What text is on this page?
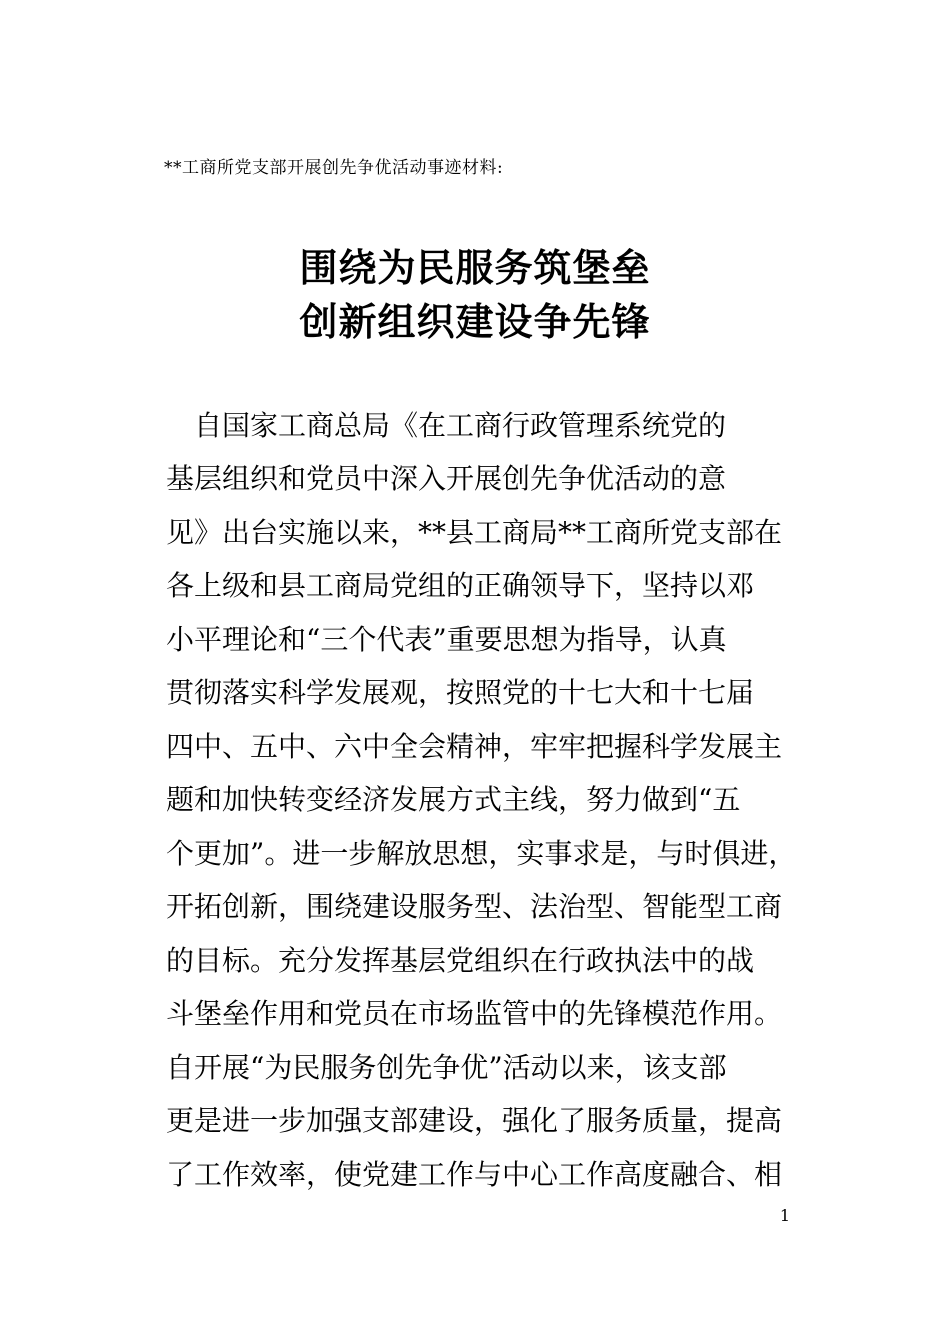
**工商所党支部开展创先争优活动事迹材料:
围绕为民服务筑堡垒
创新组织建设争先锋
　自国家工商总局《在工商行政管理系统党的
基层组织和党员中深入开展创先争优活动的意
见》出台实施以来，**县工商局**工商所党支部在
各上级和县工商局党组的正确领导下，坚持以邓
小平理论和“三个代表”重要思想为指导，认真
贯彻落实科学发展观，按照党的十七大和十七届
四中、五中、六中全会精神，牢牢把握科学发展主
题和加快转变经济发展方式主线，努力做到“五
个更加”。进一步解放思想，实事求是，与时俱进，
开拓创新，围绕建设服务型、法治型、智能型工商
的目标。充分发挥基层党组织在行政执法中的战
斗堡垒作用和党员在市场监管中的先锋模范作用。
自开展“为民服务创先争优”活动以来，该支部
更是进一步加强支部建设，强化了服务质量，提高
了工作效率，使党建工作与中心工作高度融合、相
1
